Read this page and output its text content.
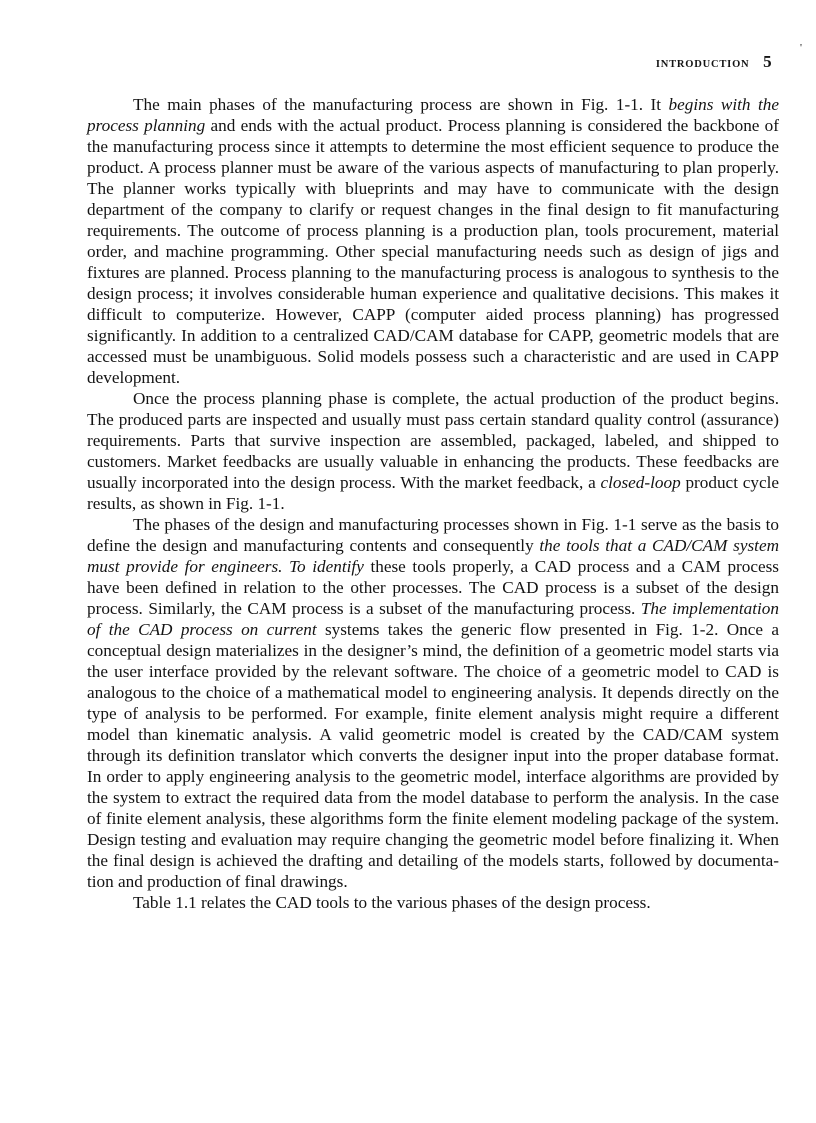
'
INTRODUCTION 5

The main phases of the manufacturing process are shown in Fig. 1-1. It begins with the process planning and ends with the actual product. Process planning is considered the backbone of the manufacturing process since it attempts to determine the most efficient sequence to produce the product. A process planner must be aware of the various aspects of manufacturing to plan properly. The planner works typically with blueprints and may have to communicate with the design department of the company to clarify or request changes in the final design to fit manufacturing requirements. The outcome of process planning is a production plan, tools procurement, material order, and machine programming. Other special manufacturing needs such as design of jigs and fixtures are planned. Process planning to the manufacturing process is analogous to synthesis to the design process; it involves considerable human experience and qualitative decisions. This makes it difficult to computerize. However, CAPP (computer aided process planning) has progressed significantly. In addition to a centralized CAD/CAM database for CAPP, geometric models that are accessed must be unambiguous. Solid models possess such a characteristic and are used in CAPP development.

Once the process planning phase is complete, the actual production of the product begins. The produced parts are inspected and usually must pass certain standard quality control (assurance) requirements. Parts that survive inspection are assembled, packaged, labeled, and shipped to customers. Market feedbacks are usually valuable in enhancing the products. These feedbacks are usually incorporated into the design process. With the market feedback, a closed-loop product cycle results, as shown in Fig. 1-1.

The phases of the design and manufacturing processes shown in Fig. 1-1 serve as the basis to define the design and manufacturing contents and consequently the tools that a CAD/CAM system must provide for engineers. To identify these tools properly, a CAD process and a CAM process have been defined in relation to the other processes. The CAD process is a subset of the design process. Similarly, the CAM process is a subset of the manufacturing process. The implementation of the CAD process on current systems takes the generic flow presented in Fig. 1-2. Once a conceptual design materializes in the designer’s mind, the definition of a geometric model starts via the user interface provided by the relevant software. The choice of a geometric model to CAD is analogous to the choice of a mathematical model to engineering analysis. It depends directly on the type of analysis to be performed. For example, finite element analysis might require a different model than kinematic analysis. A valid geometric model is created by the CAD/CAM system through its definition translator which converts the designer input into the proper database format. In order to apply engineering analysis to the geometric model, interface algorithms are provided by the system to extract the required data from the model database to perform the analysis. In the case of finite element analysis, these algorithms form the finite element modeling package of the system. Design testing and evaluation may require changing the geometric model before finalizing it. When the final design is achieved the drafting and detailing of the models starts, followed by documentation and production of final drawings.

Table 1.1 relates the CAD tools to the various phases of the design process.
